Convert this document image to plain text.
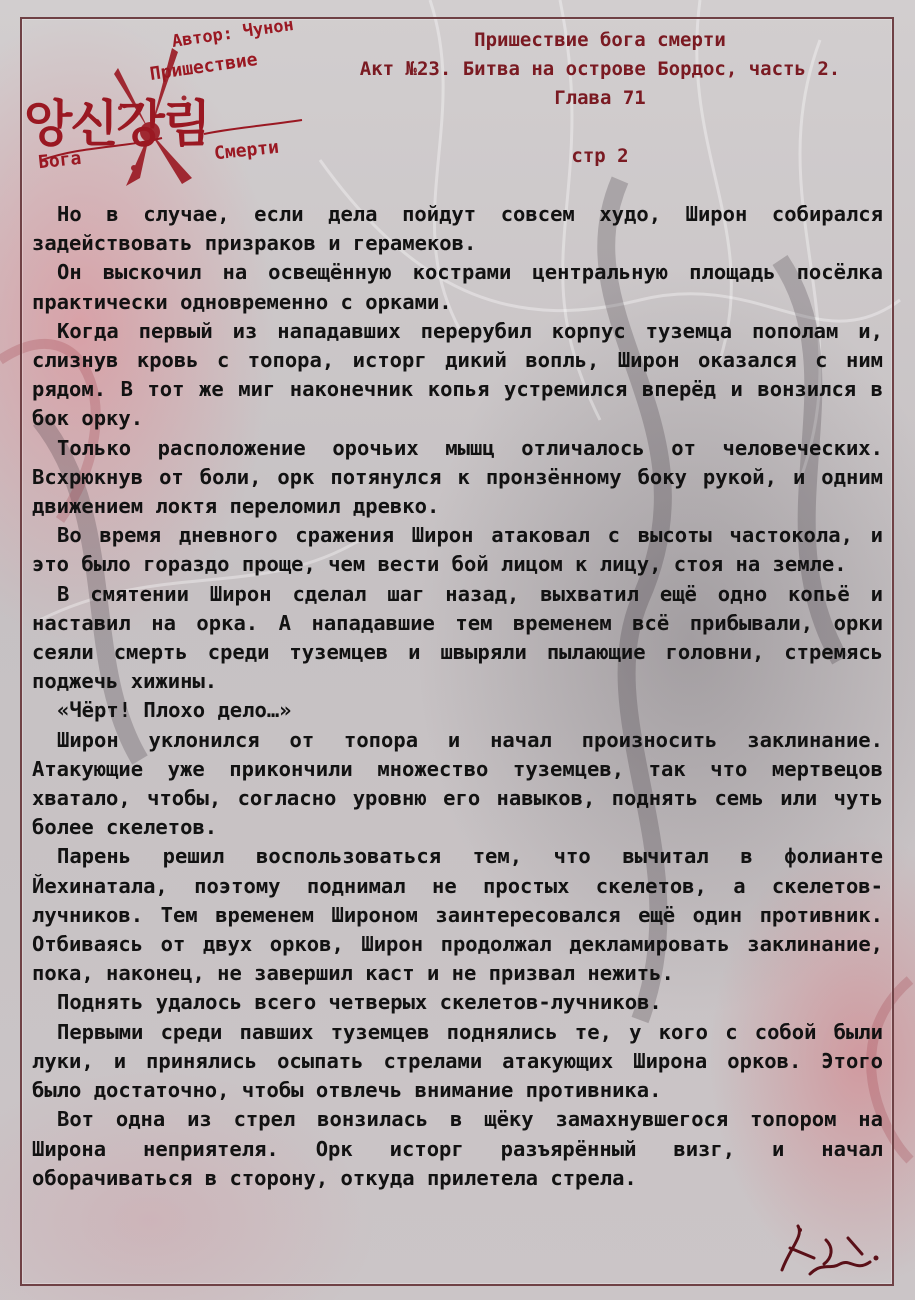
Автор: Чунон
Пришествие
앙신강림
Бога	Смерти
Пришествие бога смерти
Акт №23. Битва на острове Бордос, часть 2.
Глава 71
стр 2

Но в случае, если дела пойдут совсем худо, Широн собирался задействовать призраков и герамеков.

Он выскочил на освещённую кострами центральную площадь посёлка практически одновременно с орками.

Когда первый из нападавших перерубил корпус туземца пополам и, слизнув кровь с топора, исторг дикий вопль, Широн оказался с ним рядом. В тот же миг наконечник копья устремился вперёд и вонзился в бок орку.

Только расположение орочьих мышц отличалось от человеческих. Всхрюкнув от боли, орк потянулся к пронзённому боку рукой, и одним движением локтя переломил древко.

Во время дневного сражения Широн атаковал с высоты частокола, и это было гораздо проще, чем вести бой лицом к лицу, стоя на земле.

В смятении Широн сделал шаг назад, выхватил ещё одно копьё и наставил на орка. А нападавшие тем временем всё прибывали, орки сеяли смерть среди туземцев и швыряли пылающие головни, стремясь поджечь хижины.

«Чёрт! Плохо дело…»

Широн уклонился от топора и начал произносить заклинание. Атакующие уже прикончили множество туземцев, так что мертвецов хватало, чтобы, согласно уровню его навыков, поднять семь или чуть более скелетов.

Парень решил воспользоваться тем, что вычитал в фолианте Йехинатала, поэтому поднимал не простых скелетов, а скелетов-лучников. Тем временем Широном заинтересовался ещё один противник. Отбиваясь от двух орков, Широн продолжал декламировать заклинание, пока, наконец, не завершил каст и не призвал нежить.

Поднять удалось всего четверых скелетов-лучников.

Первыми среди павших туземцев поднялись те, у кого с собой были луки, и принялись осыпать стрелами атакующих Широна орков. Этого было достаточно, чтобы отвлечь внимание противника.

Вот одна из стрел вонзилась в щёку замахнувшегося топором на Широна неприятеля. Орк исторг разъярённый визг, и начал оборачиваться в сторону, откуда прилетела стрела.
